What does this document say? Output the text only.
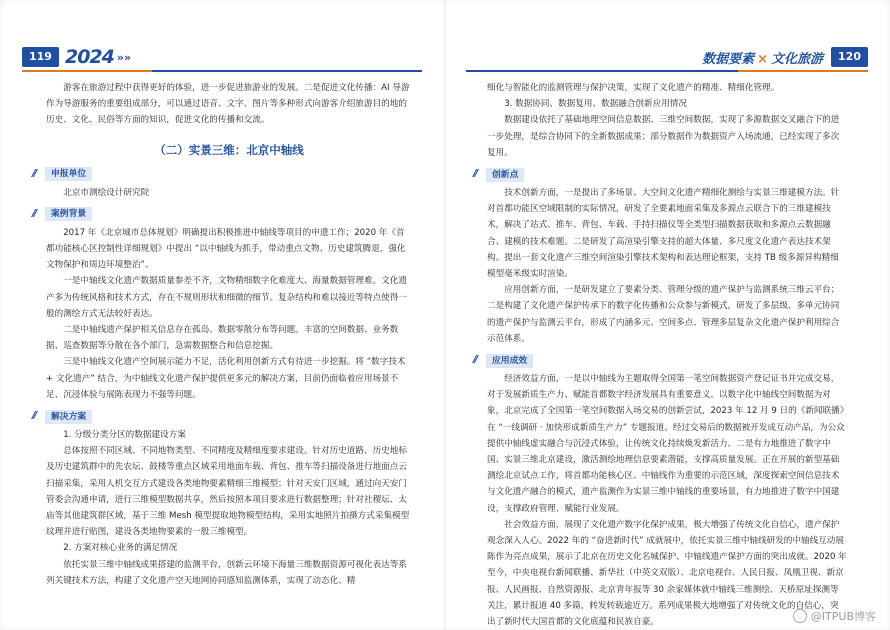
119 2024 »»	数据要素 × 文化旅游	120

游客在旅游过程中获得更好的体验，进一步促进旅游业的发展。二是促进文化传播：AI 导游作为导游服务的重要组成部分，可以通过语音、文字、图片等多种形式向游客介绍旅游目的地的历史、文化、民俗等方面的知识，促进文化的传播和交流。

（二）实景三维：北京中轴线
//	申报单位

北京市测绘设计研究院

//	案例背景

2017 年《北京城市总体规划》明确提出积极推进中轴线等项目的申遗工作；2020 年《首都功能核心区控制性详细规划》中提出 “以中轴线为抓手，带动重点文物、历史建筑腾退，强化文物保护和周边环境整治”。

一是中轴线文化遗产数据质量参差不齐，文物精细数字化难度大、海量数据管理难。文化遗产多为传统风格和技术方式，存在不规则形状和细微的细节。复杂结构和难以接近等特点使得一般的测绘方式无法较好表达。

二是中轴线遗产保护相关信息存在孤岛、数据零散分布等问题。丰富的空间数据、业务数据、巡查数据等分散在各个部门，急需数据整合和信息挖掘。

三是中轴线文化遗产空间展示能力不足，活化利用创新方式有待进一步挖掘。将 “数字技术 + 文化遗产” 结合，为中轴线文化遗产保护提供更多元的解决方案，目前仍面临着应用场景不足、沉浸体验与展陈表现力不强等问题。

//	解决方案

1. 分级分类分区的数据建设方案

总体按照不同区域、不同地物类型、不同精度及精细度要求建设。针对历史道路、历史地标及历史建筑群中的先农坛、鼓楼等重点区域采用地面车载、背包、推车等扫描设备进行地面点云扫描采集，采用人机交互方式建设各类地物要素精细三维模型；针对天安门区域，通过向天安门管委会沟通申请，进行三维模型数据共享，然后按照本项目要求进行数据整理；针对社稷坛、太庙等其他建筑群区域，基于三维 Mesh 模型提取地物模型结构，采用实地照片拍摄方式采集模型纹理并进行贴图，建设各类地物要素的一般三维模型。

2. 方案对核心业务的满足情况

依托实景三维中轴线成果搭建的监测平台，创新云环境下海量三维数据资源可视化表达等系列关键技术方法，构建了文化遗产空天地网协同感知监测体系，实现了动态化、精

细化与智能化的监测管理与保护决策，实现了文化遗产的精准、精细化管理。

3. 数据协同、数据复用、数据融合创新应用情况

数据建设依托了基础地理空间信息数据、三维空间数据，实现了多源数据交叉融合下的进一步处理，是综合协同下的全新数据成果；部分数据作为数据资产入场流通，已经实现了多次复用。

//	创新点

技术创新方面，一是提出了多场景、大空间文化遗产精细化测绘与实景三维建模方法。针对首都功能区空域限制的实际情况，研发了全要素地面采集及多源点云联合下的三维建模技术，解决了站式、推车、背包、车载、手持扫描仪等全类型扫描数据获取和多源点云数据融合、建模的技术难题。二是研发了高渲染引擎支持的超大体量、多尺度文化遗产表达技术架构。提出一套文化遗产三维空间渲染引擎技术架构和表达理论框架，支持 TB 级多源异构精细模型毫米级实时渲染。

应用创新方面，一是研发建立了要素分类、管理分级的遗产保护与监测系统三维云平台；二是构建了文化遗产保护传承下的数字化传播和公众参与新模式，研发了多层级、多单元协同的遗产保护与监测云平台，形成了内涵多元、空间多点、管理多层复杂文化遗产保护利用综合示范体系。

//	应用成效

经济效益方面，一是以中轴线为主题取得全国第一笔空间数据资产登记证书并完成交易，对于发展新质生产力、赋能首都数字经济发展具有重要意义。以数字化中轴线空间数据为对象，北京完成了全国第一笔空间数据入场交易的创新尝试，2023 年 12 月 9 日的《新闻联播》在 “一线调研 · 加快形成新质生产力” 专题报道。经过交易后的数据被开发成互动产品，为公众提供中轴线虚实融合与沉浸式体验，让传统文化持续焕发新活力。二是有力地推进了数字中国、实景三维北京建设，激活测绘地理信息要素潜能，支撑高质量发展。正在开展的新型基础测绘北京试点工作，将首都功能核心区、中轴线作为重要的示范区域，深度探索空间信息技术与文化遗产融合的模式，遗产监测作为实景三维中轴线的重要场景，有力地推进了数字中国建设，支撑政府管理、赋能行业发展。

社会效益方面，展现了文化遗产数字化保护成果，极大增强了传统文化自信心，遗产保护观念深入人心。2022 年的 “奋进新时代” 成就展中，依托实景三维中轴线研发的中轴线互动展陈作为亮点成果，展示了北京在历史文化名城保护、中轴线遗产保护方面的突出成就。2020 年至今，中央电视台新闻联播、新华社（中英文双版）、北京电视台、人民日报、凤凰卫视、新京报、人民画报、自然资源报、北京青年报等 30 余家媒体就中轴线三维测绘、天桥原址探测等关注，累计报道 40 多篇，转发转载逾近万。系列成果极大地增强了对传统文化的自信心，突出了新时代大国首都的文化底蕴和民族自豪。	@ITPUB博客
